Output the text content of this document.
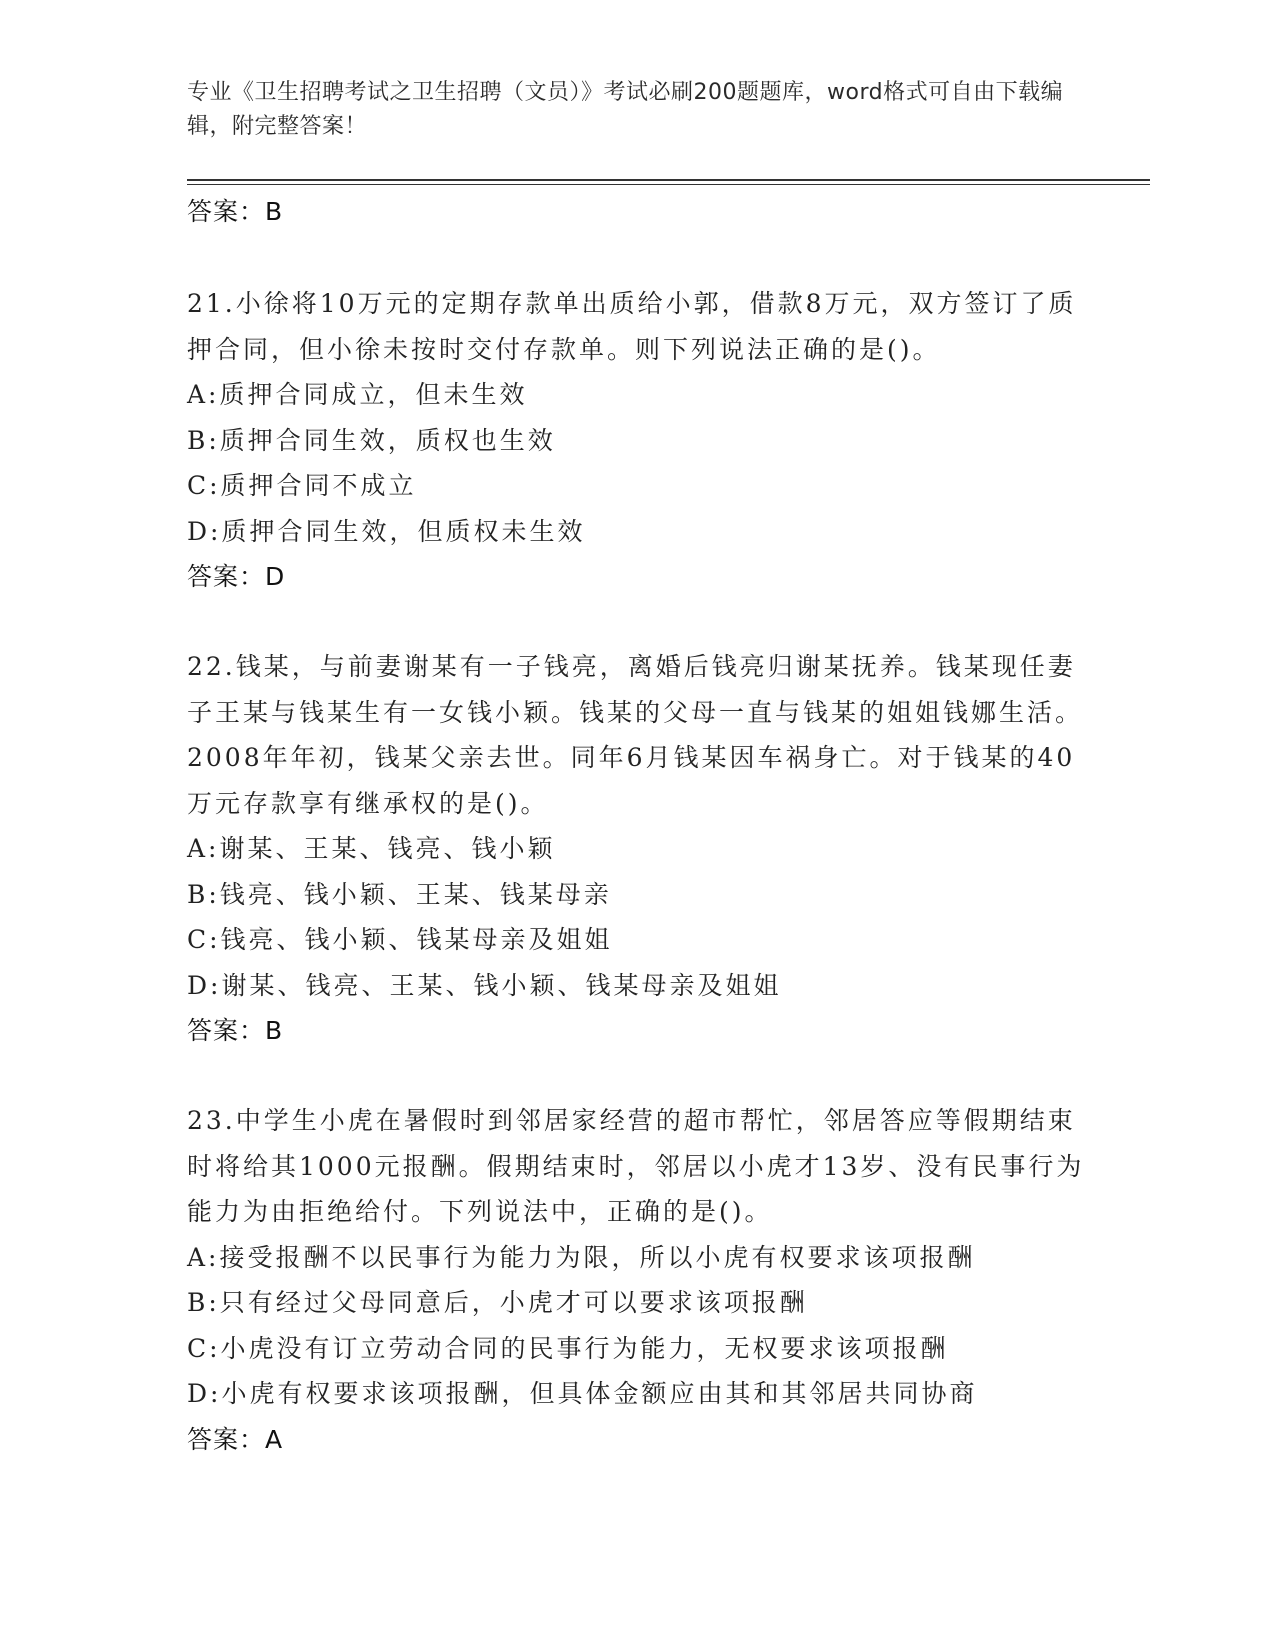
专业《卫生招聘考试之卫生招聘（文员）》考试必刷200题题库，word格式可自由下载编辑，附完整答案！
答案：B
21.小徐将10万元的定期存款单出质给小郭，借款8万元，双方签订了质押合同，但小徐未按时交付存款单。则下列说法正确的是()。
A:质押合同成立，但未生效
B:质押合同生效，质权也生效
C:质押合同不成立
D:质押合同生效，但质权未生效
答案：D
22.钱某，与前妻谢某有一子钱亮，离婚后钱亮归谢某抚养。钱某现任妻子王某与钱某生有一女钱小颖。钱某的父母一直与钱某的姐姐钱娜生活。2008年年初，钱某父亲去世。同年6月钱某因车祸身亡。对于钱某的40万元存款享有继承权的是()。
A:谢某、王某、钱亮、钱小颖
B:钱亮、钱小颖、王某、钱某母亲
C:钱亮、钱小颖、钱某母亲及姐姐
D:谢某、钱亮、王某、钱小颖、钱某母亲及姐姐
答案：B
23.中学生小虎在暑假时到邻居家经营的超市帮忙，邻居答应等假期结束时将给其1000元报酬。假期结束时，邻居以小虎才13岁、没有民事行为能力为由拒绝给付。下列说法中，正确的是()。
A:接受报酬不以民事行为能力为限，所以小虎有权要求该项报酬
B:只有经过父母同意后，小虎才可以要求该项报酬
C:小虎没有订立劳动合同的民事行为能力，无权要求该项报酬
D:小虎有权要求该项报酬，但具体金额应由其和其邻居共同协商
答案：A
